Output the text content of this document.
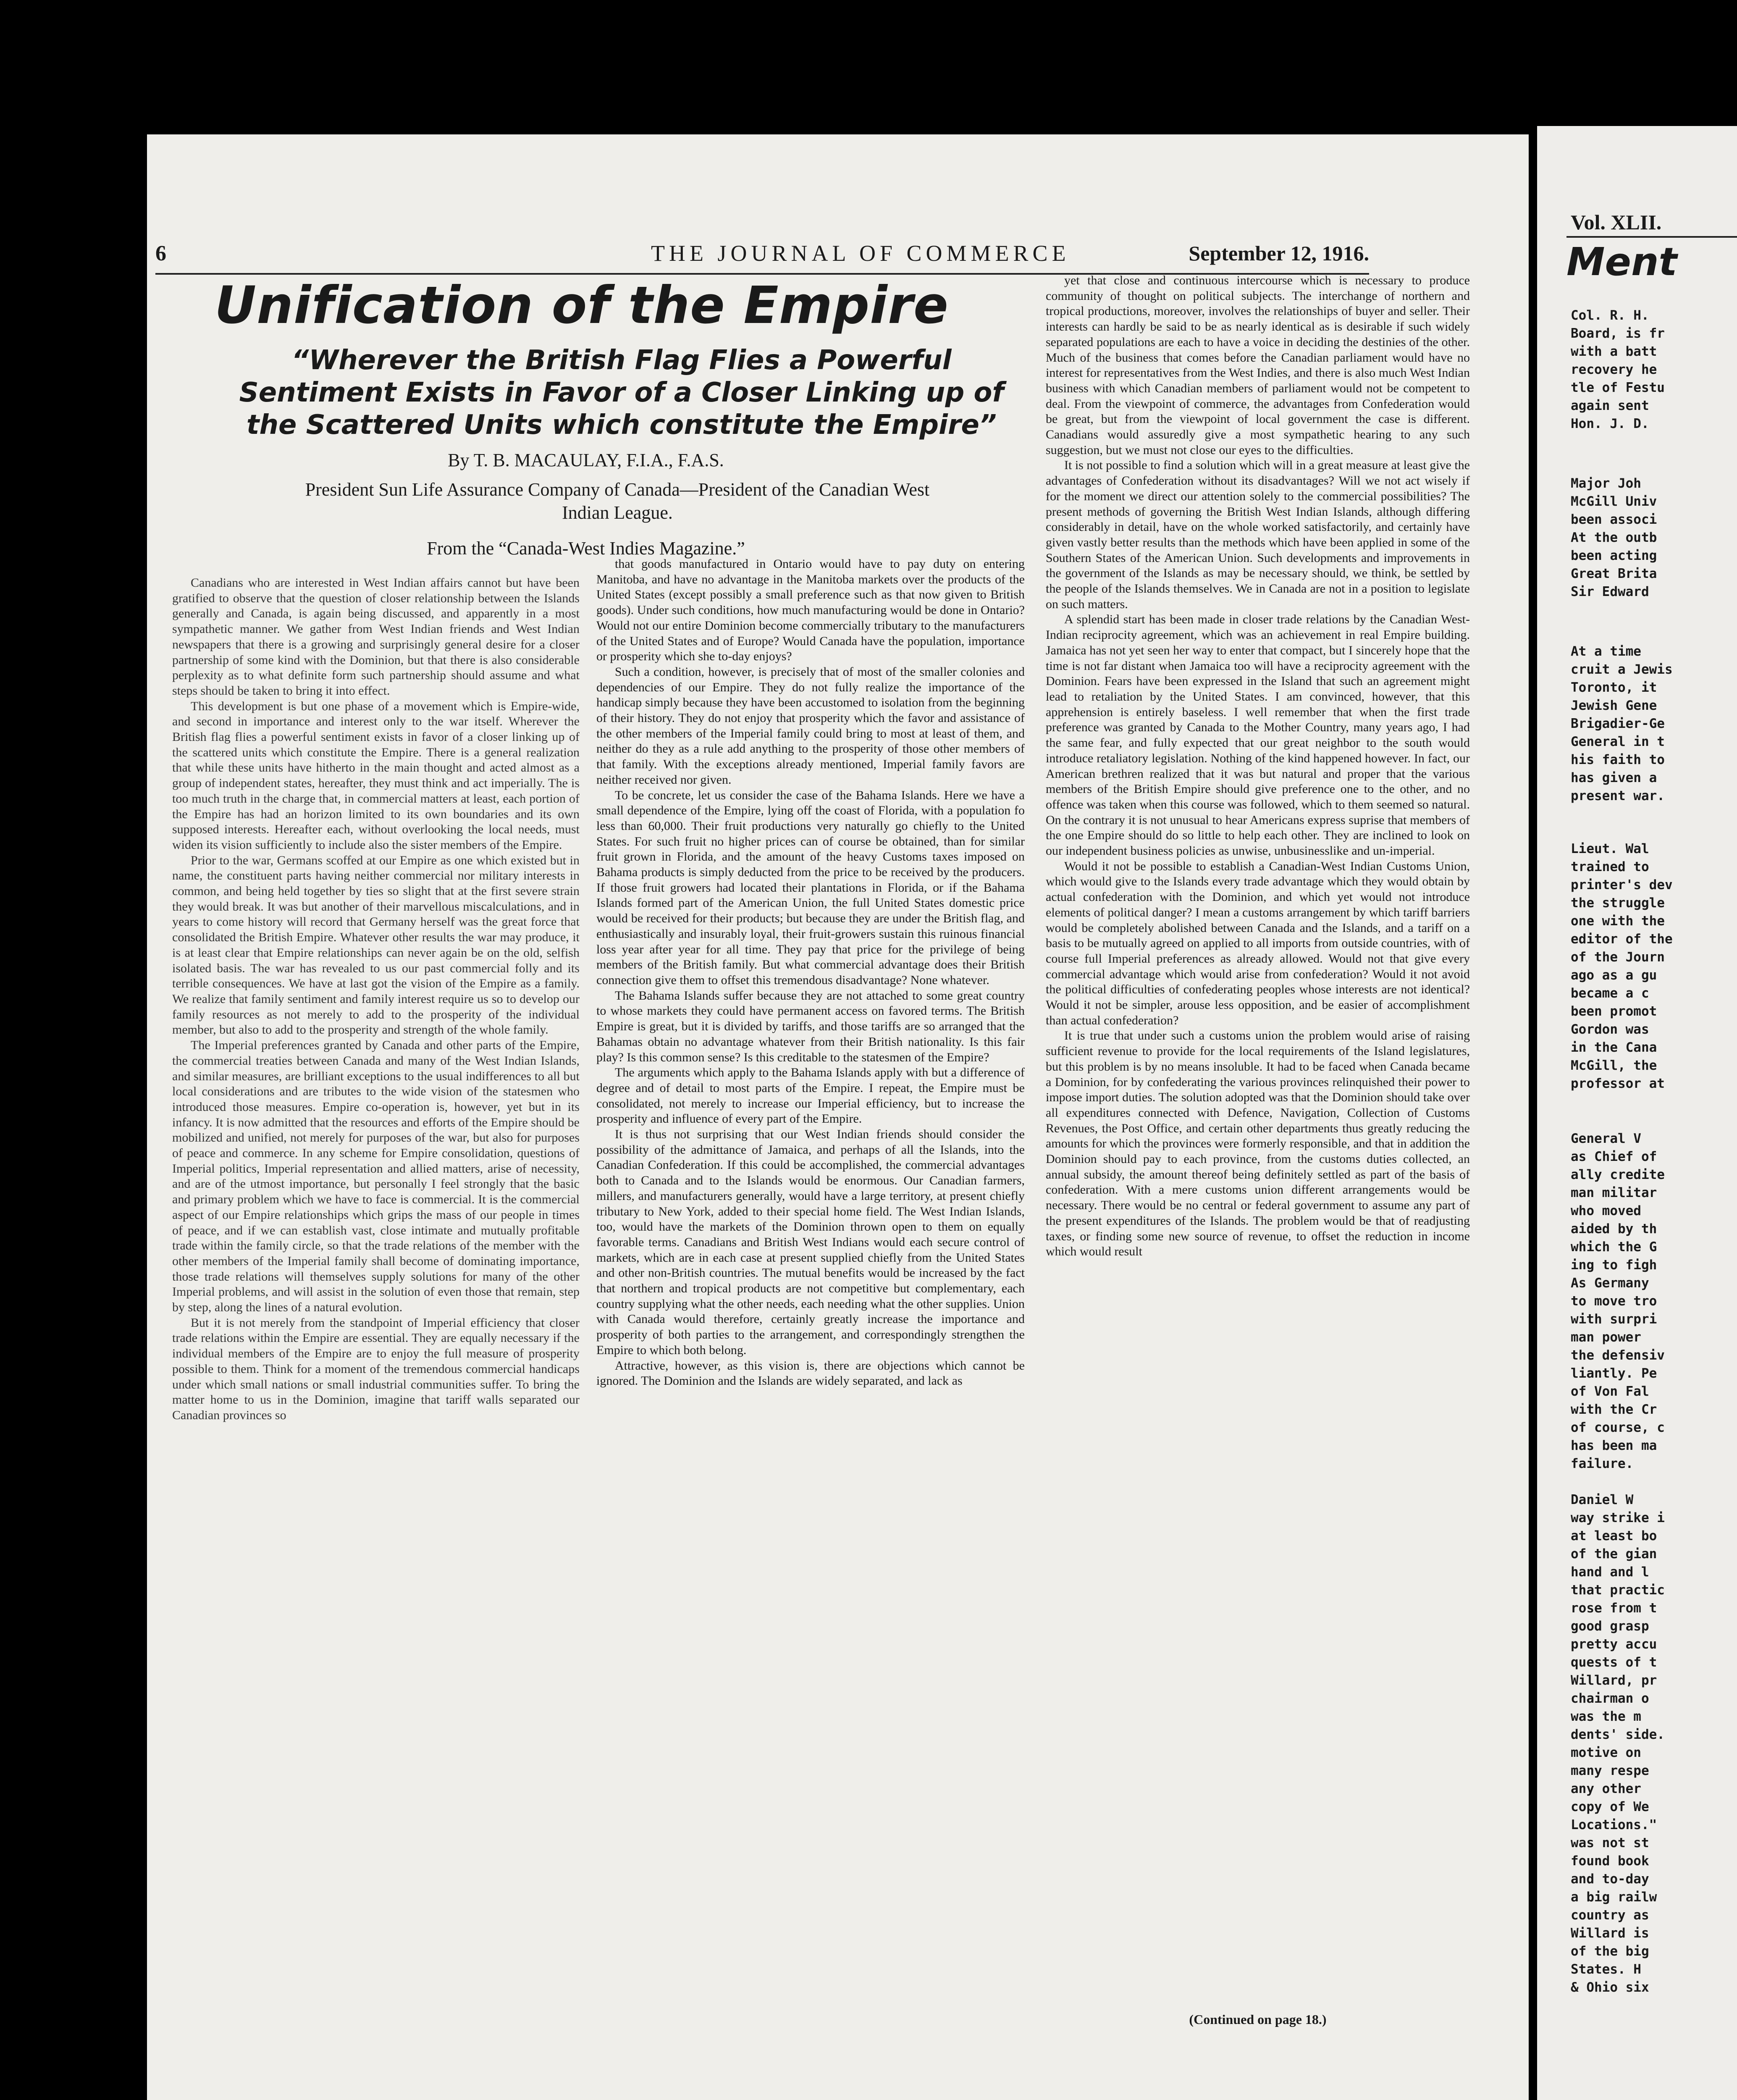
6	THE JOURNAL OF COMMERCE	September 12, 1916.
Unification of the Empire
“Wherever the British Flag Flies a Powerful Sentiment Exists in Favor of a Closer Linking up of the Scattered Units which constitute the Empire”
By T. B. MACAULAY, F.I.A., F.A.S.
President Sun Life Assurance Company of Canada—President of the Canadian West Indian League.
From the “Canada-West Indies Magazine.”

Canadians who are interested in West Indian affairs cannot but have been gratified to observe that the question of closer relationship between the Islands generally and Canada, is again being discussed, and apparently in a most sympathetic manner. We gather from West Indian friends and West Indian newspapers that there is a growing and surprisingly general desire for a closer partnership of some kind with the Dominion, but that there is also considerable perplexity as to what definite form such partnership should assume and what steps should be taken to bring it into effect.

This development is but one phase of a movement which is Empire-wide, and second in importance and interest only to the war itself. Wherever the British flag flies a powerful sentiment exists in favor of a closer linking up of the scattered units which constitute the Empire. There is a general realization that while these units have hitherto in the main thought and acted almost as a group of independent states, hereafter, they must think and act imperially. The is too much truth in the charge that, in commercial matters at least, each portion of the Empire has had an horizon limited to its own boundaries and its own supposed interests. Hereafter each, without overlooking the local needs, must widen its vision sufficiently to include also the sister members of the Empire.

Prior to the war, Germans scoffed at our Empire as one which existed but in name, the constituent parts having neither commercial nor military interests in common, and being held together by ties so slight that at the first severe strain they would break. It was but another of their marvellous miscalculations, and in years to come history will record that Germany herself was the great force that consolidated the British Empire. Whatever other results the war may produce, it is at least clear that Empire relationships can never again be on the old, selfish isolated basis. The war has revealed to us our past commercial folly and its terrible consequences. We have at last got the vision of the Empire as a family. We realize that family sentiment and family interest require us so to develop our family resources as not merely to add to the prosperity of the individual member, but also to add to the prosperity and strength of the whole family.

The Imperial preferences granted by Canada and other parts of the Empire, the commercial treaties between Canada and many of the West Indian Islands, and similar measures, are brilliant exceptions to the usual indifferences to all but local considerations and are tributes to the wide vision of the statesmen who introduced those measures. Empire co-operation is, however, yet but in its infancy. It is now admitted that the resources and efforts of the Empire should be mobilized and unified, not merely for purposes of the war, but also for purposes of peace and commerce. In any scheme for Empire consolidation, questions of Imperial politics, Imperial representation and allied matters, arise of necessity, and are of the utmost importance, but personally I feel strongly that the basic and primary problem which we have to face is commercial. It is the commercial aspect of our Empire relationships which grips the mass of our people in times of peace, and if we can establish vast, close intimate and mutually profitable trade within the family circle, so that the trade relations of the member with the other members of the Imperial family shall become of dominating importance, those trade relations will themselves supply solutions for many of the other Imperial problems, and will assist in the solution of even those that remain, step by step, along the lines of a natural evolution.

But it is not merely from the standpoint of Imperial efficiency that closer trade relations within the Empire are essential. They are equally necessary if the individual members of the Empire are to enjoy the full measure of prosperity possible to them. Think for a moment of the tremendous commercial handicaps under which small nations or small industrial communities suffer. To bring the matter home to us in the Dominion, imagine that tariff walls separated our Canadian provinces so

that goods manufactured in Ontario would have to pay duty on entering Manitoba, and have no advantage in the Manitoba markets over the products of the United States (except possibly a small preference such as that now given to British goods). Under such conditions, how much manufacturing would be done in Ontario? Would not our entire Dominion become commercially tributary to the manufacturers of the United States and of Europe? Would Canada have the population, importance or prosperity which she to-day enjoys?

Such a condition, however, is precisely that of most of the smaller colonies and dependencies of our Empire. They do not fully realize the importance of the handicap simply because they have been accustomed to isolation from the beginning of their history. They do not enjoy that prosperity which the favor and assistance of the other members of the Imperial family could bring to most at least of them, and neither do they as a rule add anything to the prosperity of those other members of that family. With the exceptions already mentioned, Imperial family favors are neither received nor given.

To be concrete, let us consider the case of the Bahama Islands. Here we have a small dependence of the Empire, lying off the coast of Florida, with a population fo less than 60,000. Their fruit productions very naturally go chiefly to the United States. For such fruit no higher prices can of course be obtained, than for similar fruit grown in Florida, and the amount of the heavy Customs taxes imposed on Bahama products is simply deducted from the price to be received by the producers. If those fruit growers had located their plantations in Florida, or if the Bahama Islands formed part of the American Union, the full United States domestic price would be received for their products; but because they are under the British flag, and enthusiastically and insurably loyal, their fruit-growers sustain this ruinous financial loss year after year for all time. They pay that price for the privilege of being members of the British family. But what commercial advantage does their British connection give them to offset this tremendous disadvantage? None whatever.

The Bahama Islands suffer because they are not attached to some great country to whose markets they could have permanent access on favored terms. The British Empire is great, but it is divided by tariffs, and those tariffs are so arranged that the Bahamas obtain no advantage whatever from their British nationality. Is this fair play? Is this common sense? Is this creditable to the statesmen of the Empire?

The arguments which apply to the Bahama Islands apply with but a difference of degree and of detail to most parts of the Empire. I repeat, the Empire must be consolidated, not merely to increase our Imperial efficiency, but to increase the prosperity and influence of every part of the Empire.

It is thus not surprising that our West Indian friends should consider the possibility of the admittance of Jamaica, and perhaps of all the Islands, into the Canadian Confederation. If this could be accomplished, the commercial advantages both to Canada and to the Islands would be enormous. Our Canadian farmers, millers, and manufacturers generally, would have a large territory, at present chiefly tributary to New York, added to their special home field. The West Indian Islands, too, would have the markets of the Dominion thrown open to them on equally favorable terms. Canadians and British West Indians would each secure control of markets, which are in each case at present supplied chiefly from the United States and other non-British countries. The mutual benefits would be increased by the fact that northern and tropical products are not competitive but complementary, each country supplying what the other needs, each needing what the other supplies. Union with Canada would therefore, certainly greatly increase the importance and prosperity of both parties to the arrangement, and correspondingly strengthen the Empire to which both belong.

Attractive, however, as this vision is, there are objections which cannot be ignored. The Dominion and the Islands are widely separated, and lack as

yet that close and continuous intercourse which is necessary to produce community of thought on political subjects. The interchange of northern and tropical productions, moreover, involves the relationships of buyer and seller. Their interests can hardly be said to be as nearly identical as is desirable if such widely separated populations are each to have a voice in deciding the destinies of the other. Much of the business that comes before the Canadian parliament would have no interest for representatives from the West Indies, and there is also much West Indian business with which Canadian members of parliament would not be competent to deal. From the viewpoint of commerce, the advantages from Confederation would be great, but from the viewpoint of local government the case is different. Canadians would assuredly give a most sympathetic hearing to any such suggestion, but we must not close our eyes to the difficulties.

It is not possible to find a solution which will in a great measure at least give the advantages of Confederation without its disadvantages? Will we not act wisely if for the moment we direct our attention solely to the commercial possibilities? The present methods of governing the British West Indian Islands, although differing considerably in detail, have on the whole worked satisfactorily, and certainly have given vastly better results than the methods which have been applied in some of the Southern States of the American Union. Such developments and improvements in the government of the Islands as may be necessary should, we think, be settled by the people of the Islands themselves. We in Canada are not in a position to legislate on such matters.

A splendid start has been made in closer trade relations by the Canadian West-Indian reciprocity agreement, which was an achievement in real Empire building. Jamaica has not yet seen her way to enter that compact, but I sincerely hope that the time is not far distant when Jamaica too will have a reciprocity agreement with the Dominion. Fears have been expressed in the Island that such an agreement might lead to retaliation by the United States. I am convinced, however, that this apprehension is entirely baseless. I well remember that when the first trade preference was granted by Canada to the Mother Country, many years ago, I had the same fear, and fully expected that our great neighbor to the south would introduce retaliatory legislation. Nothing of the kind happened however. In fact, our American brethren realized that it was but natural and proper that the various members of the British Empire should give preference one to the other, and no offence was taken when this course was followed, which to them seemed so natural. On the contrary it is not unusual to hear Americans express suprise that members of the one Empire should do so little to help each other. They are inclined to look on our independent business policies as unwise, unbusinesslike and un-imperial.

Would it not be possible to establish a Canadian-West Indian Customs Union, which would give to the Islands every trade advantage which they would obtain by actual confederation with the Dominion, and which yet would not introduce elements of political danger? I mean a customs arrangement by which tariff barriers would be completely abolished between Canada and the Islands, and a tariff on a basis to be mutually agreed on applied to all imports from outside countries, with of course full Imperial preferences as already allowed. Would not that give every commercial advantage which would arise from confederation? Would it not avoid the political difficulties of confederating peoples whose interests are not identical? Would it not be simpler, arouse less opposition, and be easier of accomplishment than actual confederation?

It is true that under such a customs union the problem would arise of raising sufficient revenue to provide for the local requirements of the Island legislatures, but this problem is by no means insoluble. It had to be faced when Canada became a Dominion, for by confederating the various provinces relinquished their power to impose import duties. The solution adopted was that the Dominion should take over all expenditures connected with Defence, Navigation, Collection of Customs Revenues, the Post Office, and certain other departments thus greatly reducing the amounts for which the provinces were formerly responsible, and that in addition the Dominion should pay to each province, from the customs duties collected, an annual subsidy, the amount thereof being definitely settled as part of the basis of confederation. With a mere customs union different arrangements would be necessary. There would be no central or federal government to assume any part of the present expenditures of the Islands. The problem would be that of readjusting taxes, or finding some new source of revenue, to offset the reduction in income which would result

(Continued on page 18.)
Vol. XLII.
Ment
Col. R. H.
Board, is fr
with a batt
recovery he
tle of Festu
again sent
Hon. J. D.
Major Joh
McGill Univ
been associ
At the outb
been acting
Great Brita
Sir Edward
At a time
cruit a Jewis
Toronto, it
Jewish Gene
Brigadier-Ge
General in t
his faith to
has given a
present war.
Lieut. Wal
trained to
printer's dev
the struggle
one with the
editor of the
of the Journ
ago as a gu
became a c
been promot
Gordon was
in the Cana
McGill, the
professor at
General V
as Chief of
ally credite
man militar
who moved
aided by th
which the G
ing to figh
As Germany
to move tro
with surpri
man power
the defensiv
liantly. Pe
of Von Fal
with the Cr
of course, c
has been ma
failure.
Daniel W
way strike i
at least bo
of the gian
hand and l
that practic
rose from t
good grasp
pretty accu
quests of t
Willard, pr
chairman o
was the m
dents' side.
motive on
many respe
any other
copy of We
Locations."
was not st
found book
and to-day
a big railw
country as
Willard is
of the big
States. H
& Ohio six
